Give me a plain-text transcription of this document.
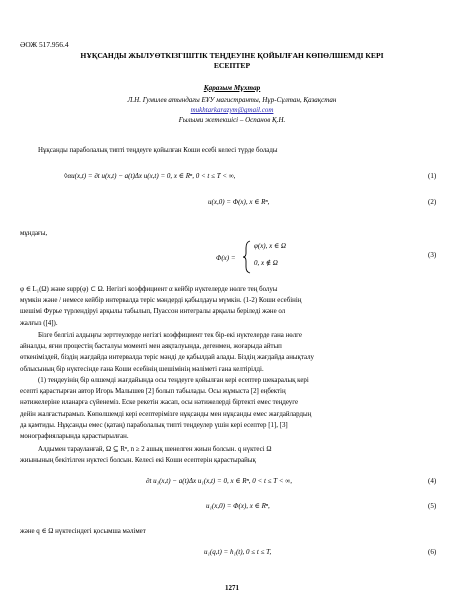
ӘОЖ 517.956.4
НҰҚСАНДЫ ЖЫЛУӨТКІЗГІШТІК ТЕҢДЕУІНЕ ҚОЙЫЛҒАН КӨПӨЛШЕМДІ КЕРІ
ЕСЕПТЕР
Қаразым Мұхтар
Л.Н. Гумилев атындағы ЕҰУ магистранты, Нұр-Сұлтан, Қазақстан
mukhtarkarazym@gmail.com
Ғылыми жетекшісі – Оспанов Қ.Н.
Нұқсанды параболалық типті теңдеуге қойылған Коши есебі келесі түрде болады
◊αu(x,t) = ∂t u(x,t) − a(t)Δx u(x,t) = 0, x ∈ Rⁿ, 0 < t ≤ T < ∞,	(1)
u(x,0) = Φ(x), x ∈ Rⁿ,	(2)
мұндағы,
Φ(x) =
φ(x), x ∈ Ω
0, x ∉ Ω
(3)
φ ∈ L₁(Ω) және supp(φ) ⊂ Ω. Негізгі коэффициент α кейбір нүктелерде нөлге тең болуы
мүмкін және / немесе кейбір интервалда теріс мәндерді қабылдауы мүмкін. (1-2) Коши есебінің
шешімі Фурье түрлендіруі арқылы табылып, Пуассон интегралы арқылы беріледі және ол
жалғыз ([4]).
Бізге белгілі алдыңғы зерттеулерде негізгі коэффициент тек бір-екі нүктелерде ғана нөлге
айналды, яғни процестің басталуы моменті мен аяқталуында, дегенмен, жоғарыда айтып
өткеніміздей, біздің жағдайда интервалда теріс мәнді де қабылдай алады. Біздің жағдайда анықталу
облысының бір нүктесінде ғана Коши есебінің шешімінің мәліметі ғана келтірілді.
(1) теңдеуінің бір өлшемді жағдайында осы теңдеуге қойылған кері есептер шекаралық кері
есепті қарастырған автор Игорь Малышев [2] болып табылады. Осы жұмыста [2] еңбектің
нәтижелеріне иланарға сүйенеміз. Еске рекетін жасап, осы нәтижелерді біртекті емес теңдеуге
дейін жалғастырамыз. Көпөлшемді кері есептерімізге нұқсанды мен нұқсанды емес жағдайлардың
да қамтиды. Нұқсанды емес (қатаң) параболалық типті теңдеулер үшін кері есептер [1], [3]
монографияларында қарастырылған.
Алдымен тарауланғай, Ω ⊆ Rⁿ, n ≥ 2 ашық шенелген жиын болсын. q нүктесі Ω
жиынының бекітілген нүктесі болсын. Келесі екі Коши есептерін қарастырайық
∂t u₁(x,t) − a(t)Δx u₁(x,t) = 0, x ∈ Rⁿ, 0 < t ≤ T < ∞,	(4)
u₁(x,0) = Φ(x), x ∈ Rⁿ,	(5)
және q ∈ Ω нүктесіндегі қосымша мәлімет
u₁(q,t) = h₁(t), 0 ≤ t ≤ T,	(6)
1271
